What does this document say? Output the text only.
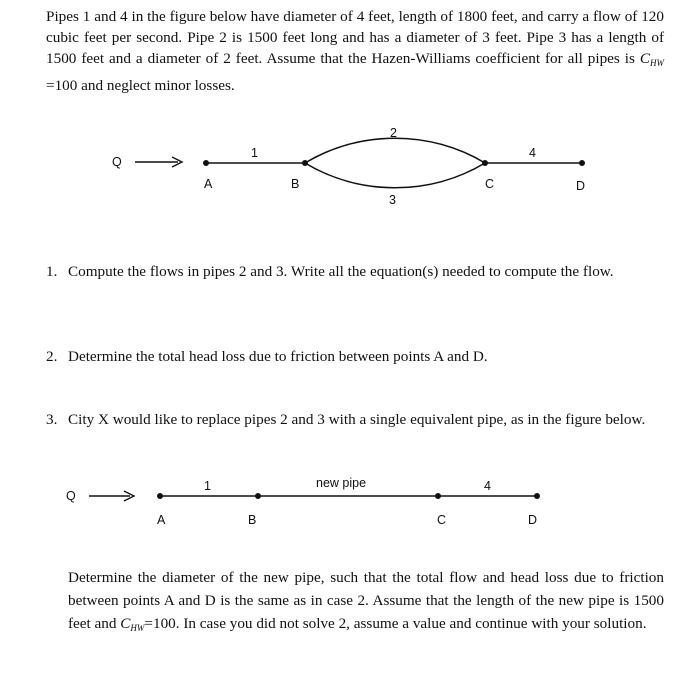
Pipes 1 and 4 in the figure below have diameter of 4 feet, length of 1800 feet, and carry a flow of 120 cubic feet per second. Pipe 2 is 1500 feet long and has a diameter of 3 feet. Pipe 3 has a length of 1500 feet and a diameter of 2 feet. Assume that the Hazen-Williams coefficient for all pipes is $C_{HW} =100$ and neglect minor losses.
Q
1
2
3
4
A	B	C	D
1. Compute the flows in pipes 2 and 3. Write all the equation(s) needed to compute the flow.
2. Determine the total head loss due to friction between points A and D.
3. City X would like to replace pipes 2 and 3 with a single equivalent pipe, as in the figure below.
Q
1	new pipe	4
A	B	C	D
Determine the diameter of the new pipe, such that the total flow and head loss due to friction between points A and D is the same as in case 2. Assume that the length of the new pipe is 1500 feet and $C_{HW}=100$. In case you did not solve 2, assume a value and continue with your solution.
